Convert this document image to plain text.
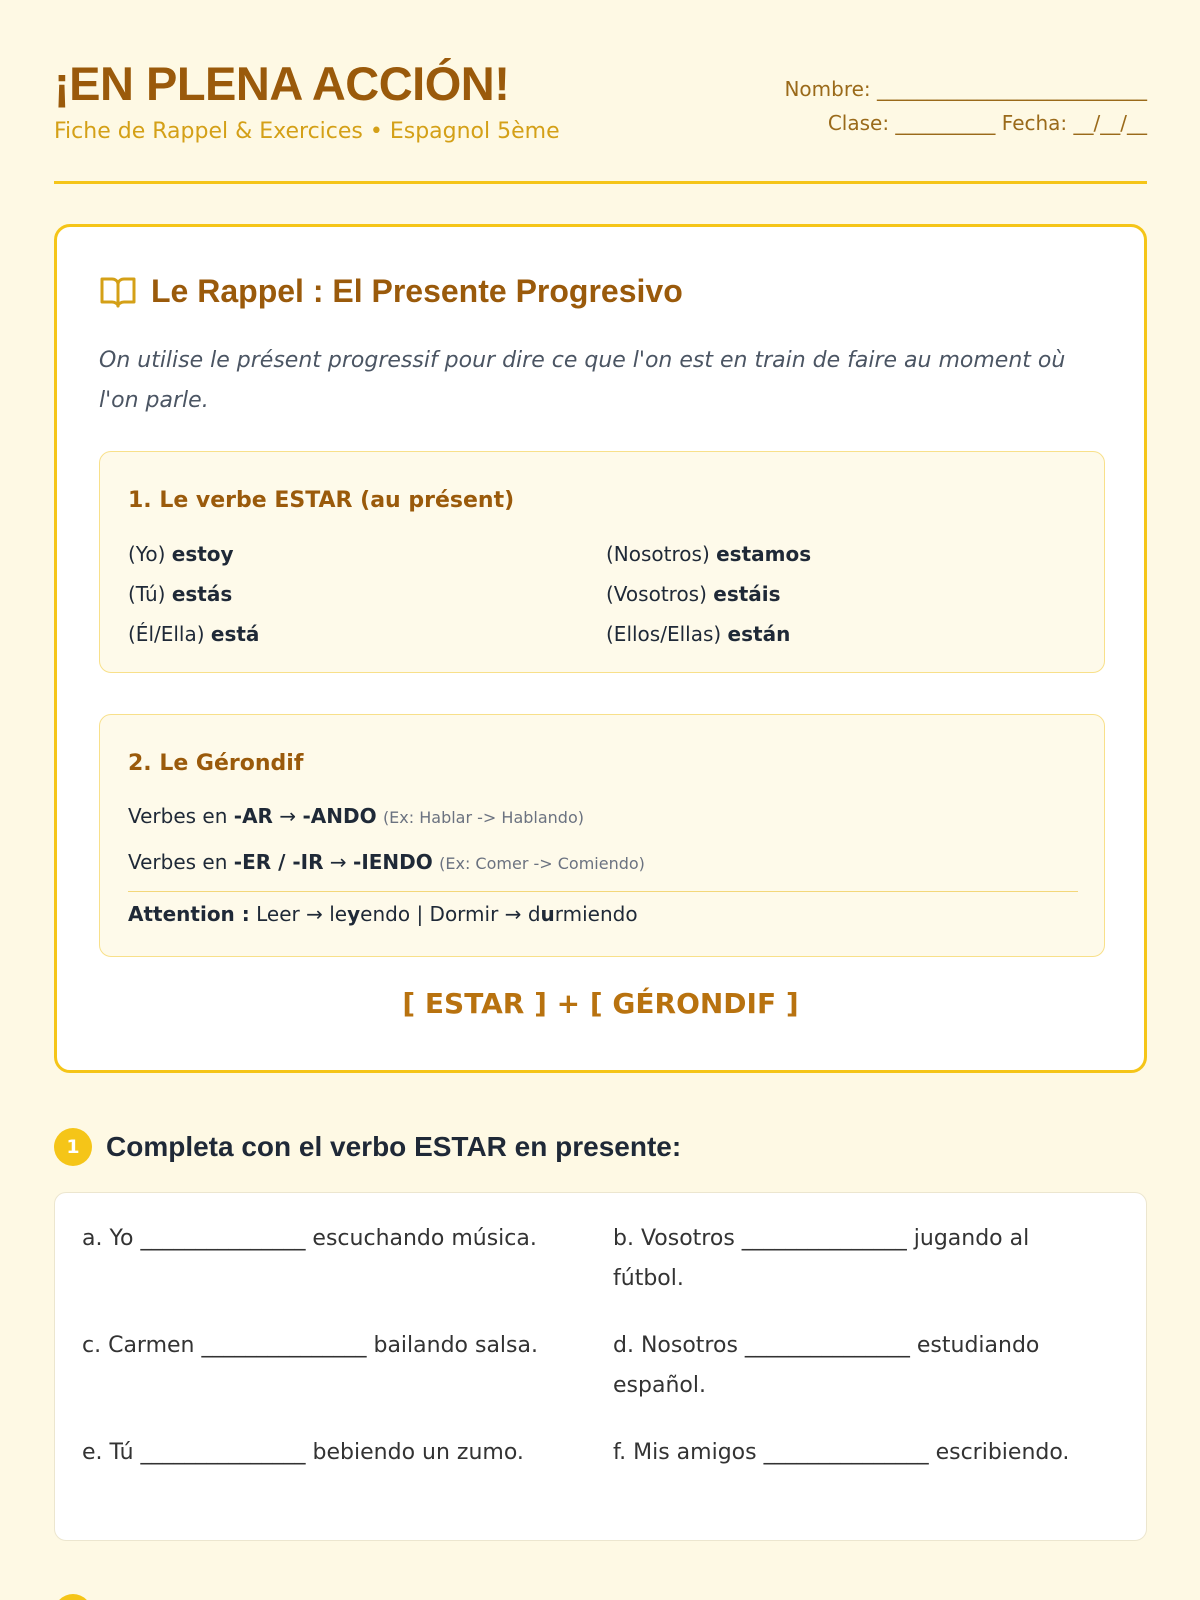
¡EN PLENA ACCIÓN!
Fiche de Rappel & Exercices • Espagnol 5ème
Nombre: ___________________________
Clase: __________ Fecha: __/__/__
Le Rappel : El Presente Progresivo
On utilise le présent progressif pour dire ce que l'on est en train de faire au moment où l'on parle.
1. Le verbe ESTAR (au présent)
(Yo) estoy	(Nosotros) estamos
(Tú) estás	(Vosotros) estáis
(Él/Ella) está	(Ellos/Ellas) están
2. Le Gérondif
Verbes en -AR → -ANDO (Ex: Hablar -> Hablando)
Verbes en -ER / -IR → -IENDO (Ex: Comer -> Comiendo)
Attention : Leer → leyendo | Dormir → durmiendo
[ ESTAR ] + [ GÉRONDIF ]
1 Completa con el verbo ESTAR en presente:
a. Yo _______________ escuchando música.	b. Vosotros _______________ jugando al fútbol.
c. Carmen _______________ bailando salsa.	d. Nosotros _______________ estudiando español.
e. Tú _______________ bebiendo un zumo.	f. Mis amigos _______________ escribiendo.
